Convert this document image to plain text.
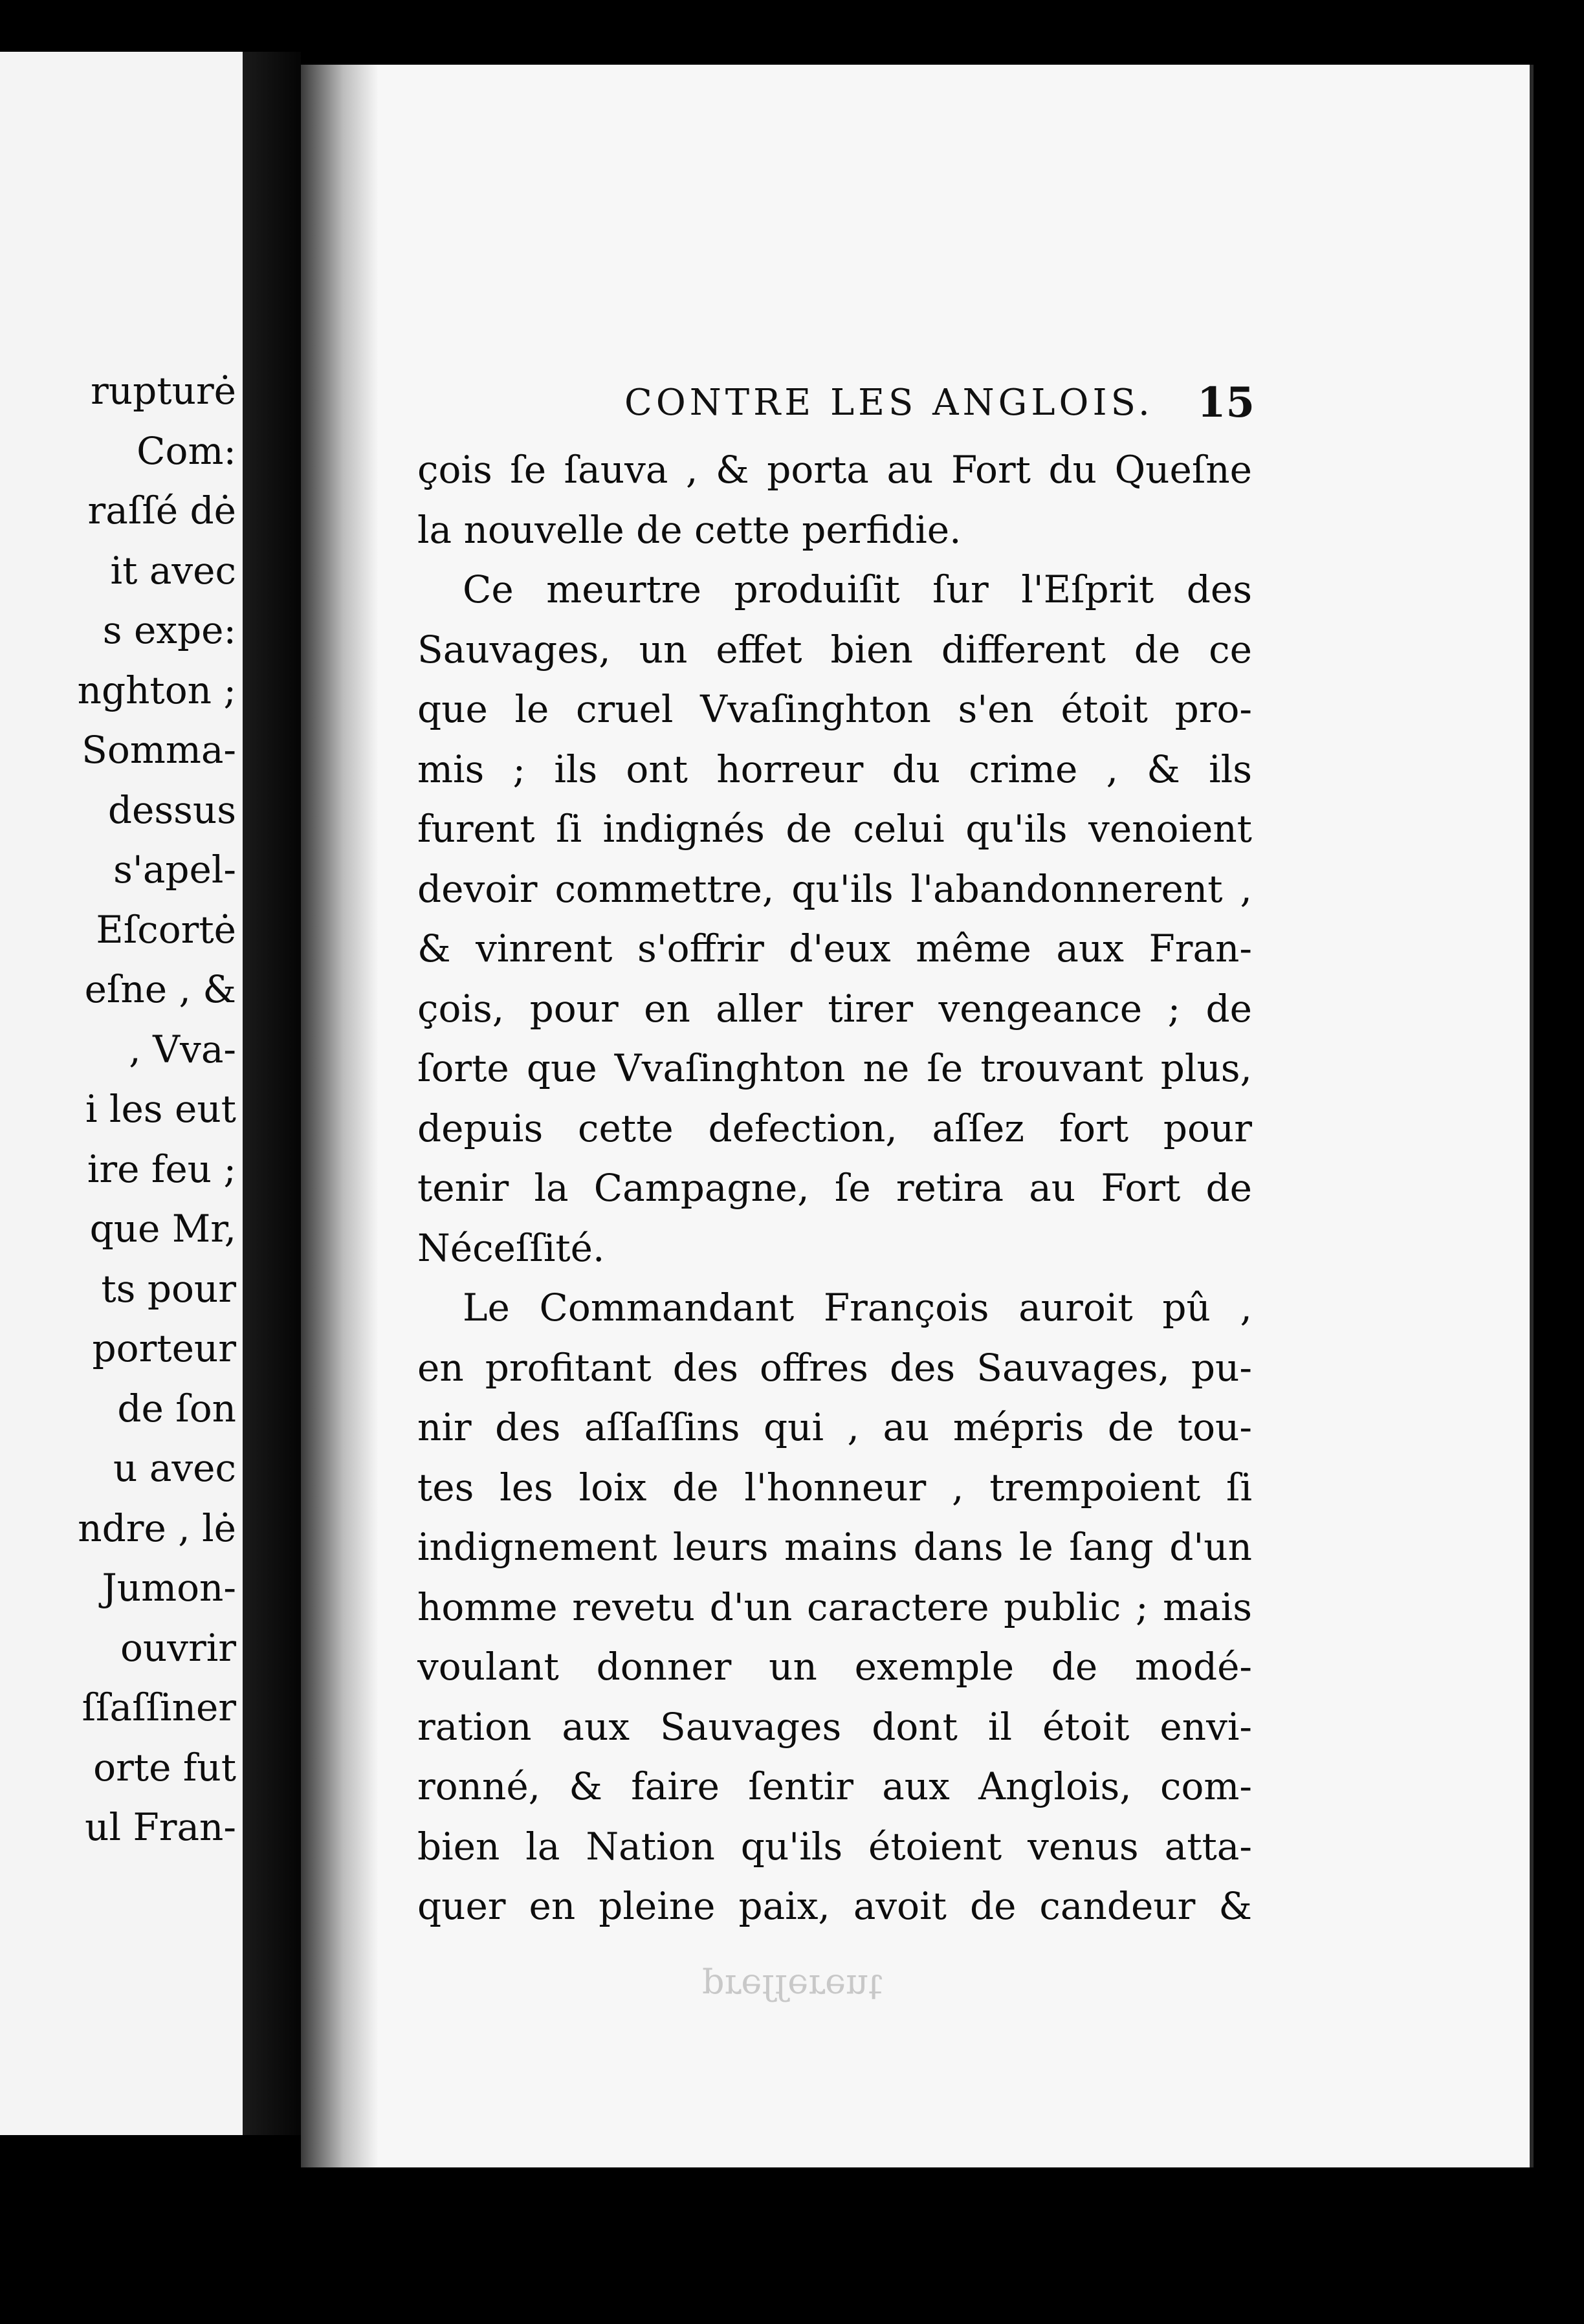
rupturė
Com:
raſſé dė
it avec
s expe:
nghton ;
Somma-
dessus
s'apel-
Eſcortė
eſne , &
, Vva-
i les eut
ire feu ;
que Mr,
ts pour
porteur
de ſon
u avec
ndre , lė
Jumon-
ouvrir
ſſaſſiner
orte fut
ul Fran-
CONTRE LES ANGLOIS. 15
çois ſe ſauva , & porta au Fort du Queſne
la nouvelle de cette perfidie.
Ce meurtre produiſit ſur l'Eſprit des
Sauvages, un effet bien different de ce
que le cruel Vvaſinghton s'en étoit pro-
mis ; ils ont horreur du crime , & ils
furent ſi indignés de celui qu'ils venoient
devoir commettre, qu'ils l'abandonnerent ,
& vinrent s'offrir d'eux même aux Fran-
çois, pour en aller tirer vengeance ; de
ſorte que Vvaſinghton ne ſe trouvant plus,
depuis cette defection, aſſez fort pour
tenir la Campagne, ſe retira au Fort de
Néceſſité.
Le Commandant François auroit pû ,
en profitant des offres des Sauvages, pu-
nir des aſſaſſins qui , au mépris de tou-
tes les loix de l'honneur , trempoient ſi
indignement leurs mains dans le ſang d'un
homme revetu d'un caractere public ; mais
voulant donner un exemple de modé-
ration aux Sauvages dont il étoit envi-
ronné, & faire ſentir aux Anglois, com-
bien la Nation qu'ils étoient venus atta-
quer en pleine paix, avoit de candeur &
preſſerent
